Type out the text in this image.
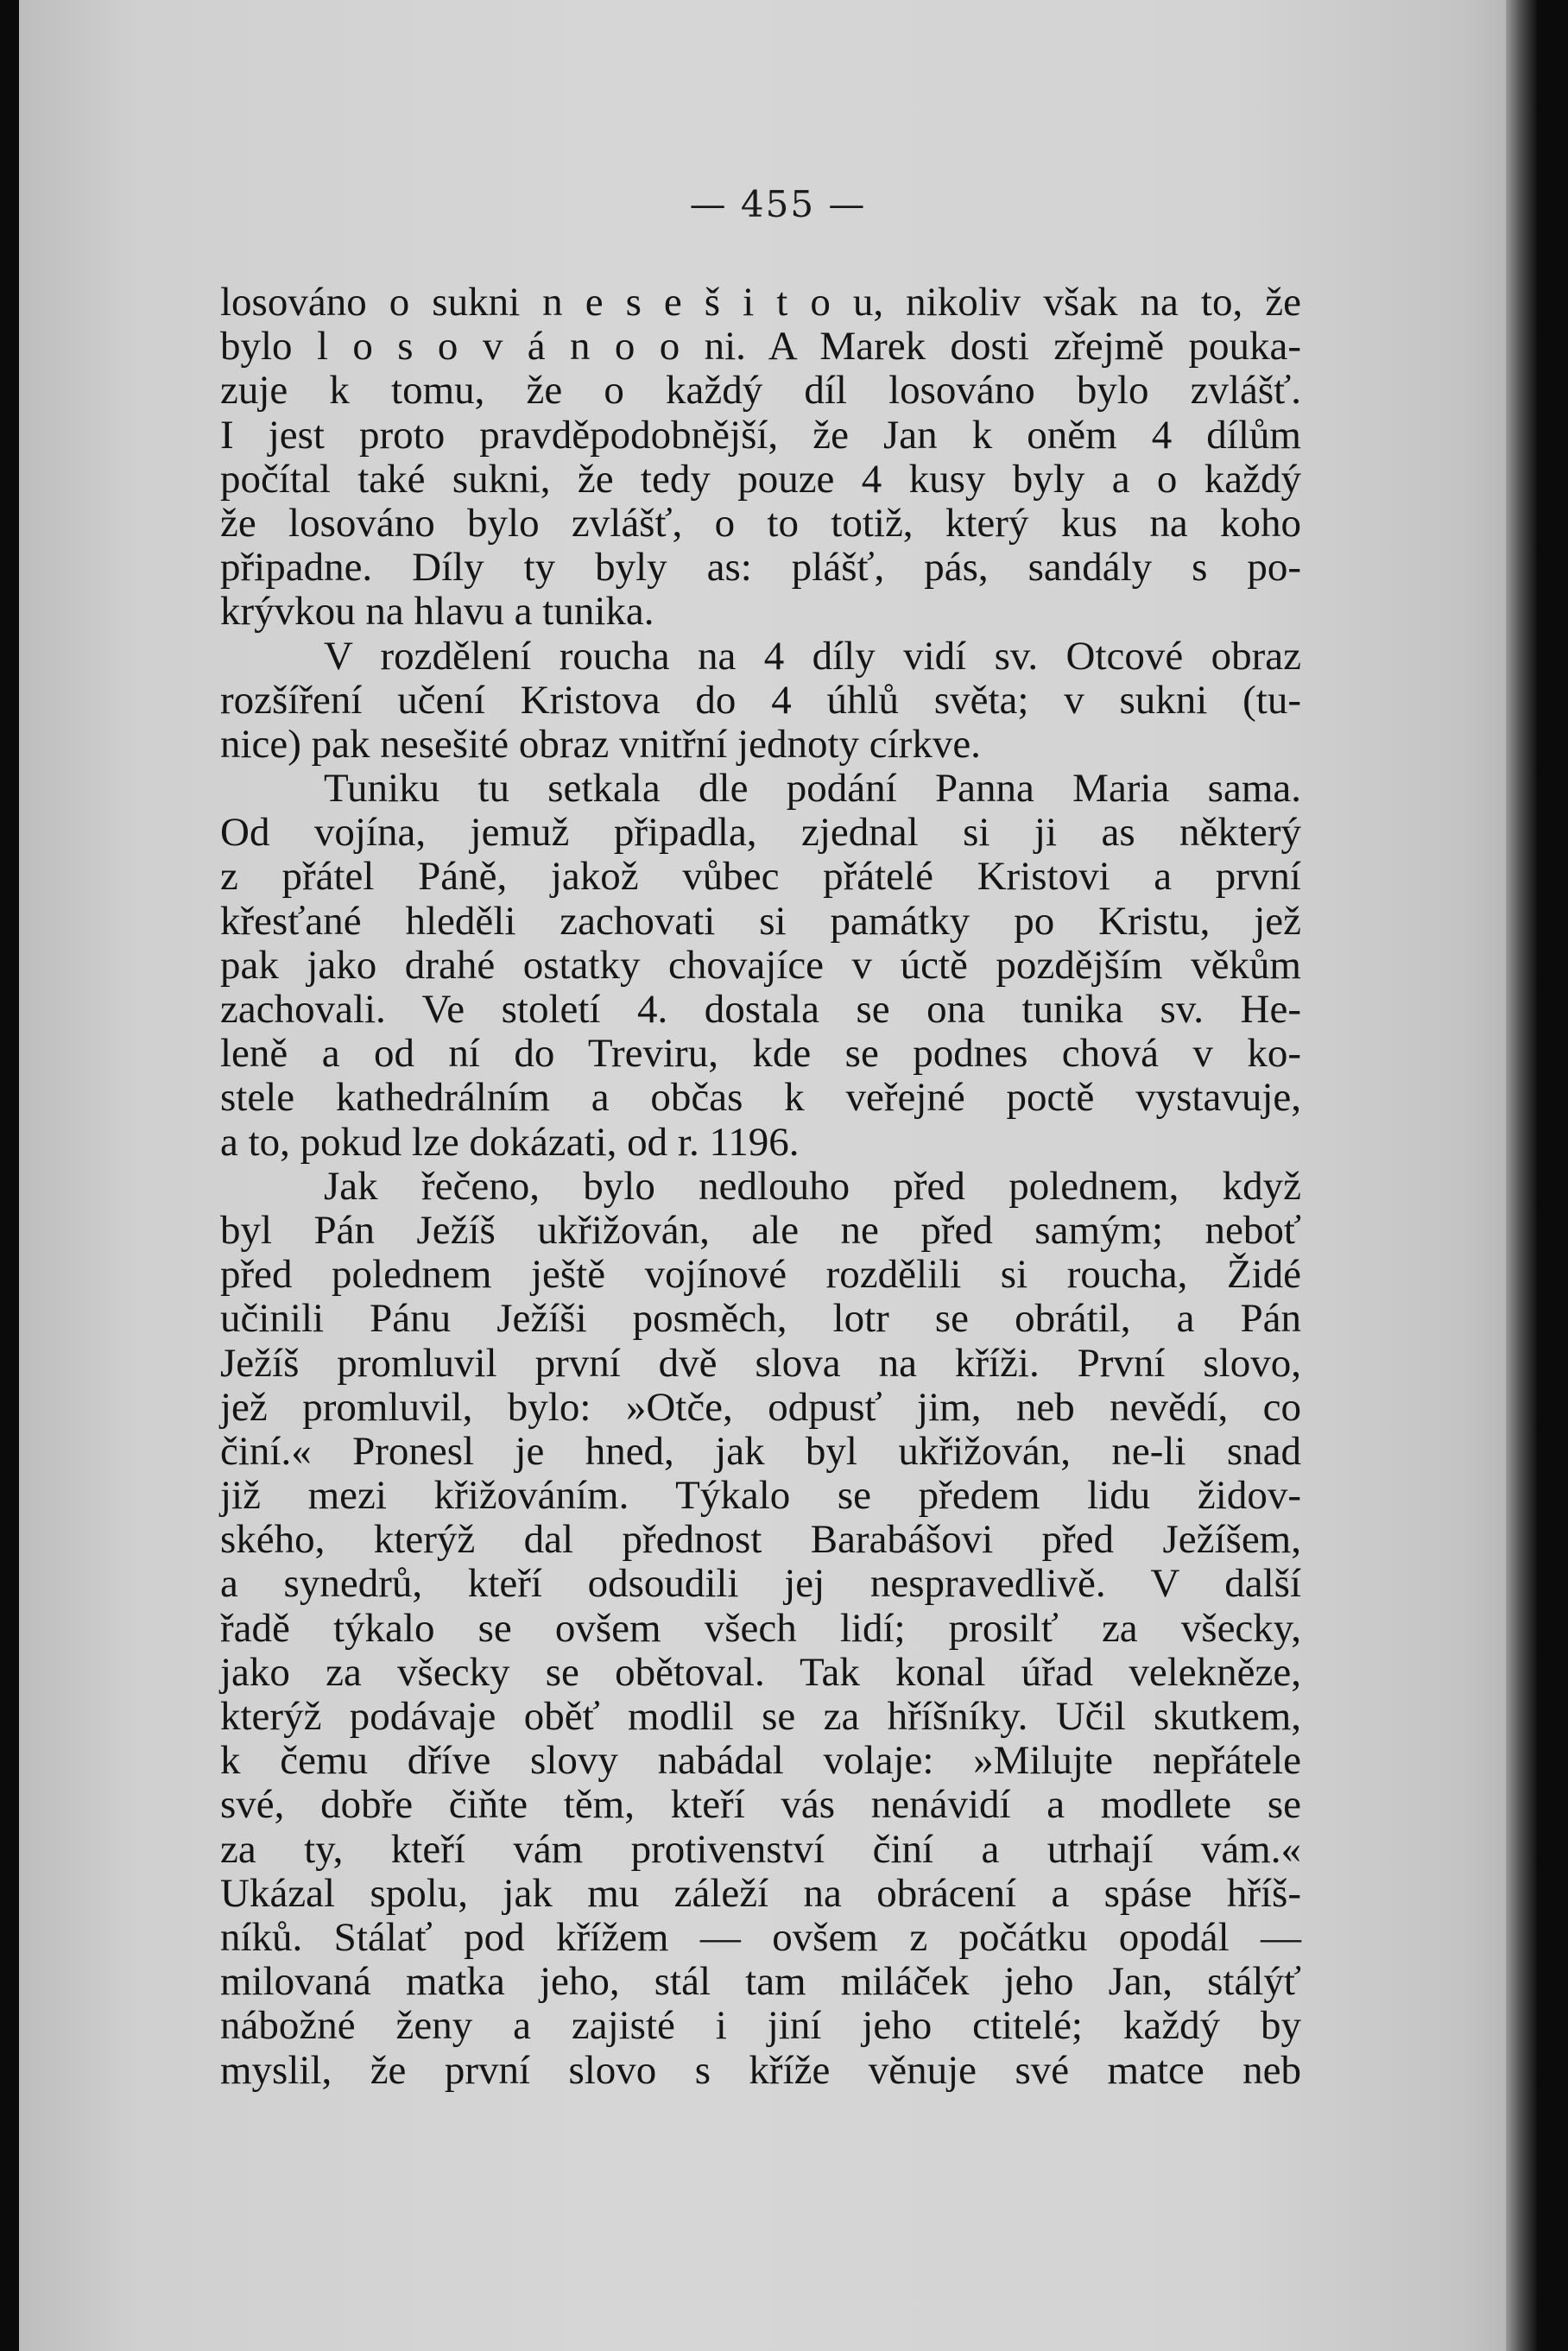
— 455 —
losováno o sukni n e s e š i t o u, nikoliv však na to, že
bylo l o s o v á n o o ni. A Marek dosti zřejmě pouka-
zuje k tomu, že o každý díl losováno bylo zvlášť.
I jest proto pravděpodobnější, že Jan k oněm 4 dílům
počítal také sukni, že tedy pouze 4 kusy byly a o každý
že losováno bylo zvlášť, o to totiž, který kus na koho
připadne. Díly ty byly as: plášť, pás, sandály s po-
krývkou na hlavu a tunika.
V rozdělení roucha na 4 díly vidí sv. Otcové obraz
rozšíření učení Kristova do 4 úhlů světa; v sukni (tu-
nice) pak nesešité obraz vnitřní jednoty církve.
Tuniku tu setkala dle podání Panna Maria sama.
Od vojína, jemuž připadla, zjednal si ji as některý
z přátel Páně, jakož vůbec přátelé Kristovi a první
křesťané hleděli zachovati si památky po Kristu, jež
pak jako drahé ostatky chovajíce v úctě pozdějším věkům
zachovali. Ve století 4. dostala se ona tunika sv. He-
leně a od ní do Treviru, kde se podnes chová v ko-
stele kathedrálním a občas k veřejné poctě vystavuje,
a to, pokud lze dokázati, od r. 1196.
Jak řečeno, bylo nedlouho před polednem, když
byl Pán Ježíš ukřižován, ale ne před samým; neboť
před polednem ještě vojínové rozdělili si roucha, Židé
učinili Pánu Ježíši posměch, lotr se obrátil, a Pán
Ježíš promluvil první dvě slova na kříži. První slovo,
jež promluvil, bylo: »Otče, odpusť jim, neb nevědí, co
činí.« Pronesl je hned, jak byl ukřižován, ne-li snad
již mezi křižováním. Týkalo se předem lidu židov-
ského, kterýž dal přednost Barabášovi před Ježíšem,
a synedrů, kteří odsoudili jej nespravedlivě. V další
řadě týkalo se ovšem všech lidí; prosilť za všecky,
jako za všecky se obětoval. Tak konal úřad velekněze,
kterýž podávaje oběť modlil se za hříšníky. Učil skutkem,
k čemu dříve slovy nabádal volaje: »Milujte nepřátele
své, dobře čiňte těm, kteří vás nenávidí a modlete se
za ty, kteří vám protivenství činí a utrhají vám.«
Ukázal spolu, jak mu záleží na obrácení a spáse hříš-
níků. Stálať pod křížem — ovšem z počátku opodál —
milovaná matka jeho, stál tam miláček jeho Jan, stálýť
nábožné ženy a zajisté i jiní jeho ctitelé; každý by
myslil, že první slovo s kříže věnuje své matce neb
